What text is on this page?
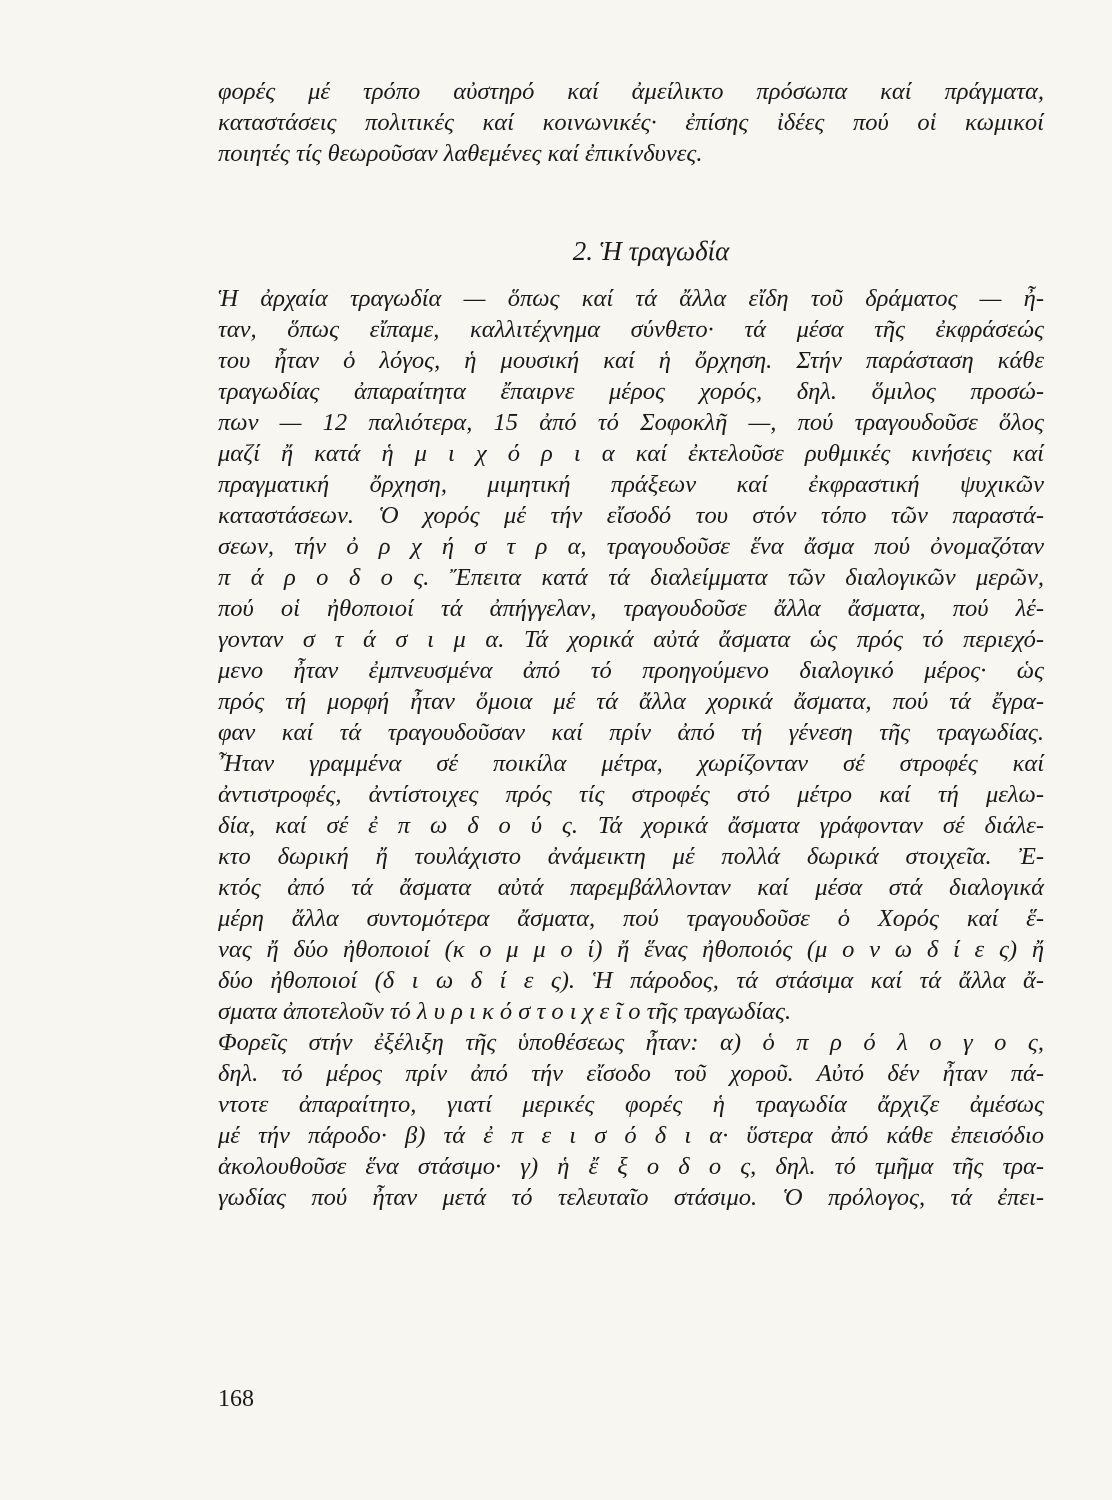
φορές μέ τρόπο αὐστηρό καί ἀμείλικτο πρόσωπα καί πράγματα,
καταστάσεις πολιτικές καί κοινωνικές· ἐπίσης ἰδέες πού οἱ κωμικοί
ποιητές τίς θεωροῦσαν λαθεμένες καί ἐπικίνδυνες.
2. Ἡ τραγωδία
Ἡ ἀρχαία τραγωδία — ὅπως καί τά ἄλλα εἴδη τοῦ δράματος — ἦ-
ταν, ὅπως εἴπαμε, καλλιτέχνημα σύνθετο· τά μέσα τῆς ἐκφράσεώς
του ἦταν ὁ λόγος, ἡ μουσική καί ἡ ὄρχηση. Στήν παράσταση κάθε
τραγωδίας ἀπαραίτητα ἔπαιρνε μέρος χορός, δηλ. ὅμιλος προσώ-
πων — 12 παλιότερα, 15 ἀπό τό Σοφοκλῆ —, πού τραγουδοῦσε ὅλος
μαζί ἤ κατά ἡ μ ι χ ό ρ ι α καί ἐκτελοῦσε ρυθμικές κινήσεις καί
πραγματική ὄρχηση, μιμητική πράξεων καί ἐκφραστική ψυχικῶν
καταστάσεων. Ὁ χορός μέ τήν εἴσοδό του στόν τόπο τῶν παραστά-
σεων, τήν ὀ ρ χ ή σ τ ρ α, τραγουδοῦσε ἕνα ἄσμα πού ὀνομαζόταν
π ά ρ ο δ ο ς. Ἔπειτα κατά τά διαλείμματα τῶν διαλογικῶν μερῶν,
πού οἱ ἠθοποιοί τά ἀπήγγελαν, τραγουδοῦσε ἄλλα ἄσματα, πού λέ-
γονταν σ τ ά σ ι μ α. Τά χορικά αὐτά ἄσματα ὡς πρός τό περιεχό-
μενο ἦταν ἐμπνευσμένα ἀπό τό προηγούμενο διαλογικό μέρος· ὡς
πρός τή μορφή ἦταν ὅμοια μέ τά ἄλλα χορικά ἄσματα, πού τά ἔγρα-
φαν καί τά τραγουδοῦσαν καί πρίν ἀπό τή γένεση τῆς τραγωδίας.
Ἦταν γραμμένα σέ ποικίλα μέτρα, χωρίζονταν σέ στροφές καί
ἀντιστροφές, ἀντίστοιχες πρός τίς στροφές στό μέτρο καί τή μελω-
δία, καί σέ ἐ π ω δ ο ύ ς. Τά χορικά ἄσματα γράφονταν σέ διάλε-
κτο δωρική ἤ τουλάχιστο ἀνάμεικτη μέ πολλά δωρικά στοιχεῖα. Ἐ-
κτός ἀπό τά ἄσματα αὐτά παρεμβάλλονταν καί μέσα στά διαλογικά
μέρη ἄλλα συντομότερα ἄσματα, πού τραγουδοῦσε ὁ Χορός καί ἕ-
νας ἤ δύο ἠθοποιοί (κ ο μ μ ο ί) ἤ ἕνας ἠθοποιός (μ ο ν ω δ ί ε ς) ἤ
δύο ἠθοποιοί (δ ι ω δ ί ε ς). Ἡ πάροδος, τά στάσιμα καί τά ἄλλα ἄ-
σματα ἀποτελοῦν τό λ υ ρ ι κ ό σ τ ο ι χ ε ῖ ο τῆς τραγωδίας.
Φορεῖς στήν ἐξέλιξη τῆς ὑποθέσεως ἦταν: α) ὁ π ρ ό λ ο γ ο ς,
δηλ. τό μέρος πρίν ἀπό τήν εἴσοδο τοῦ χοροῦ. Αὐτό δέν ἦταν πά-
ντοτε ἀπαραίτητο, γιατί μερικές φορές ἡ τραγωδία ἄρχιζε ἀμέσως
μέ τήν πάροδο· β) τά ἐ π ε ι σ ό δ ι α· ὕστερα ἀπό κάθε ἐπεισόδιο
ἀκολουθοῦσε ἕνα στάσιμο· γ) ἡ ἔ ξ ο δ ο ς, δηλ. τό τμῆμα τῆς τρα-
γωδίας πού ἦταν μετά τό τελευταῖο στάσιμο. Ὁ πρόλογος, τά ἐπει-
168
